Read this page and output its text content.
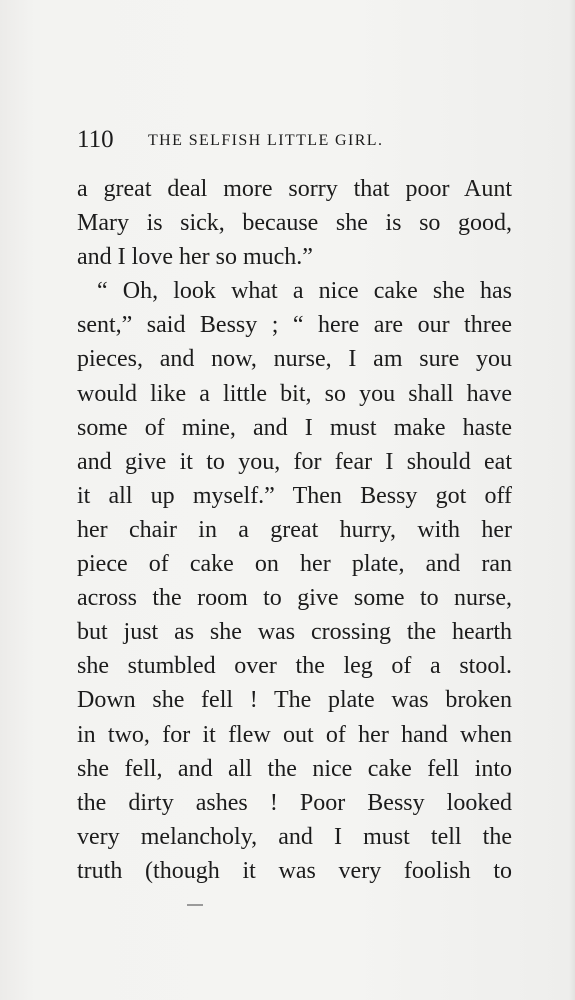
110 THE SELFISH LITTLE GIRL.
a great deal more sorry that poor Aunt
Mary is sick, because she is so good,
and I love her so much.”
“ Oh, look what a nice cake she has
sent,” said Bessy ; “ here are our three
pieces, and now, nurse, I am sure you
would like a little bit, so you shall have
some of mine, and I must make haste
and give it to you, for fear I should eat
it all up myself.” Then Bessy got off
her chair in a great hurry, with her
piece of cake on her plate, and ran
across the room to give some to nurse,
but just as she was crossing the hearth
she stumbled over the leg of a stool.
Down she fell ! The plate was broken
in two, for it flew out of her hand when
she fell, and all the nice cake fell into
the dirty ashes ! Poor Bessy looked
very melancholy, and I must tell the
truth (though it was very foolish to
